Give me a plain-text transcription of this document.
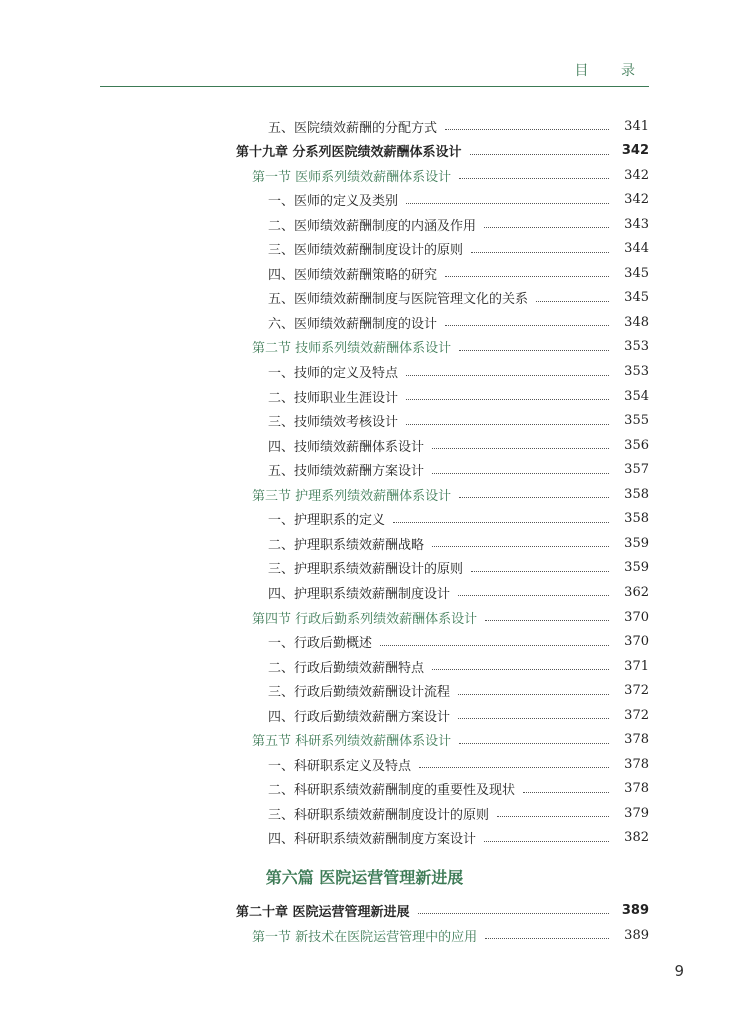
目 录
五、医院绩效薪酬的分配方式	341
第十九章 分系列医院绩效薪酬体系设计	342
第一节 医师系列绩效薪酬体系设计	342
一、医师的定义及类别	342
二、医师绩效薪酬制度的内涵及作用	343
三、医师绩效薪酬制度设计的原则	344
四、医师绩效薪酬策略的研究	345
五、医师绩效薪酬制度与医院管理文化的关系	345
六、医师绩效薪酬制度的设计	348
第二节 技师系列绩效薪酬体系设计	353
一、技师的定义及特点	353
二、技师职业生涯设计	354
三、技师绩效考核设计	355
四、技师绩效薪酬体系设计	356
五、技师绩效薪酬方案设计	357
第三节 护理系列绩效薪酬体系设计	358
一、护理职系的定义	358
二、护理职系绩效薪酬战略	359
三、护理职系绩效薪酬设计的原则	359
四、护理职系绩效薪酬制度设计	362
第四节 行政后勤系列绩效薪酬体系设计	370
一、行政后勤概述	370
二、行政后勤绩效薪酬特点	371
三、行政后勤绩效薪酬设计流程	372
四、行政后勤绩效薪酬方案设计	372
第五节 科研系列绩效薪酬体系设计	378
一、科研职系定义及特点	378
二、科研职系绩效薪酬制度的重要性及现状	378
三、科研职系绩效薪酬制度设计的原则	379
四、科研职系绩效薪酬制度方案设计	382
第二十章 医院运营管理新进展	389
第一节 新技术在医院运营管理中的应用	389
第六篇 医院运营管理新进展
9
